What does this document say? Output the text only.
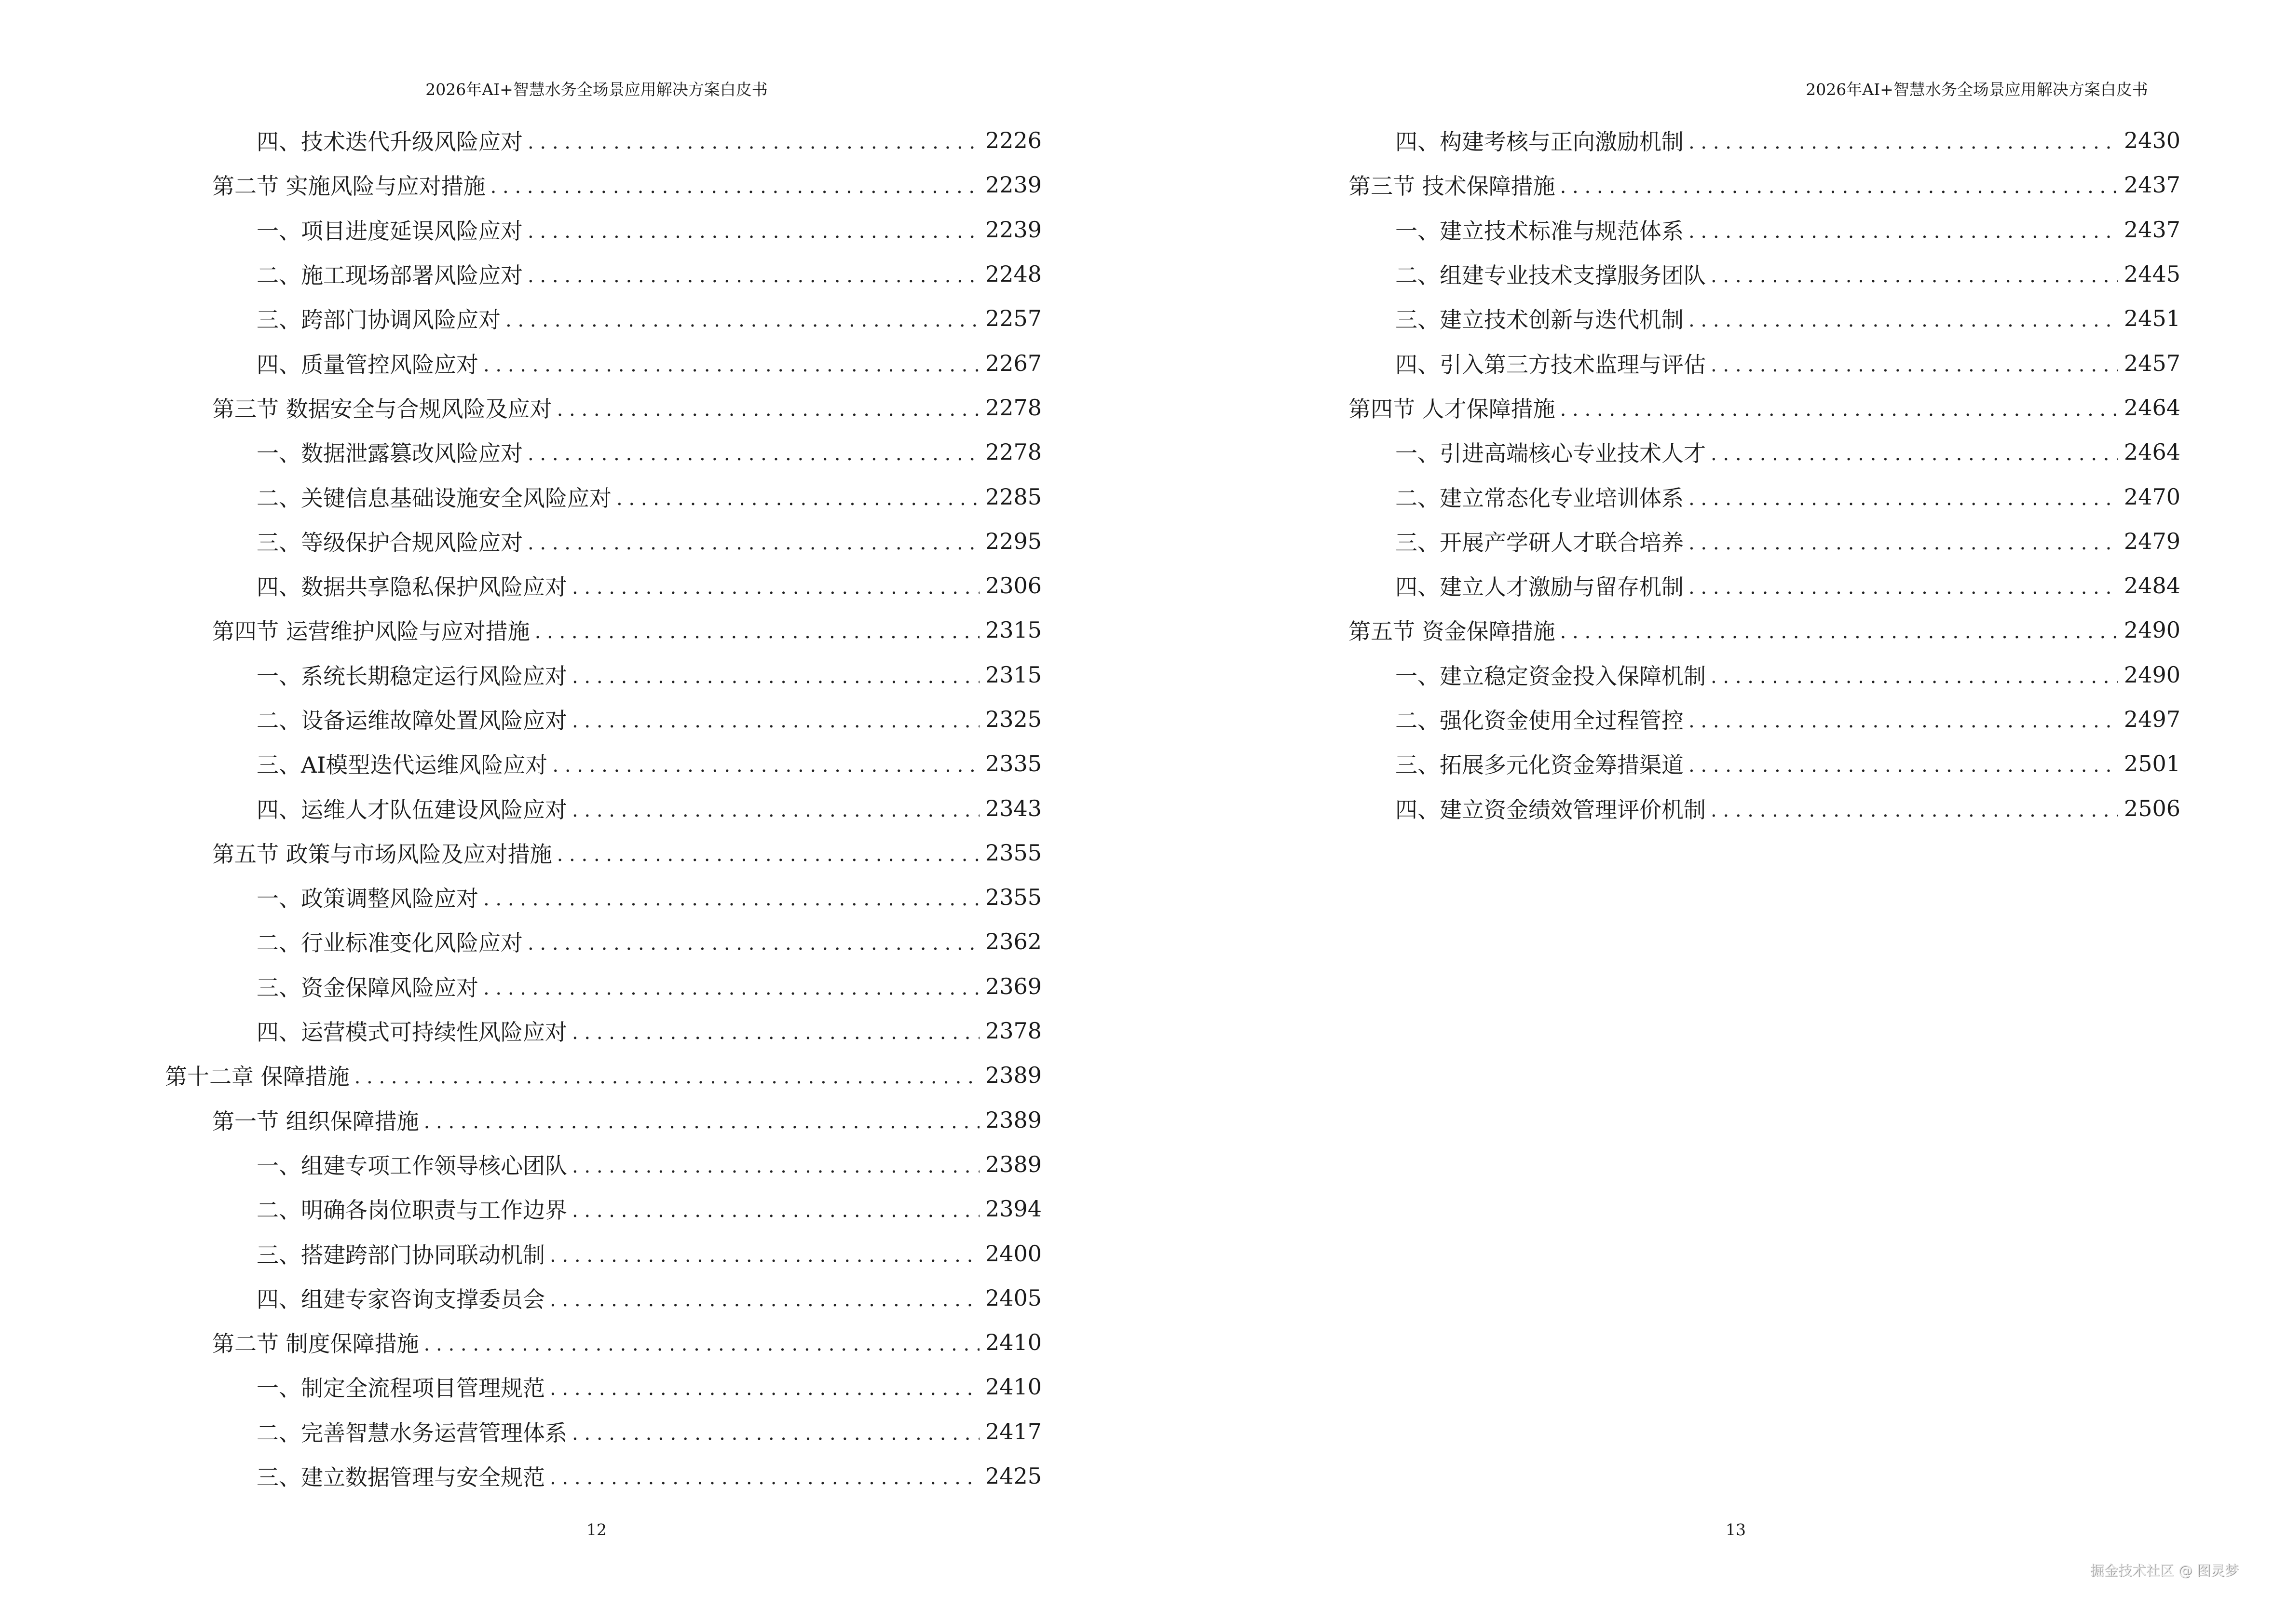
2026年AI+智慧水务全场景应用解决方案白皮书
四、技术迭代升级风险应对 . . .	2226
第二节 实施风险与应对措施 . . .	2239
一、项目进度延误风险应对 . . .	2239
二、施工现场部署风险应对 . . .	2248
三、跨部门协调风险应对 . . .	2257
四、质量管控风险应对 . . .	2267
第三节 数据安全与合规风险及应对 . . .	2278
一、数据泄露篡改风险应对 . . .	2278
二、关键信息基础设施安全风险应对 . . .	2285
三、等级保护合规风险应对 . . .	2295
四、数据共享隐私保护风险应对 . . .	2306
第四节 运营维护风险与应对措施 . . .	2315
一、系统长期稳定运行风险应对 . . .	2315
二、设备运维故障处置风险应对 . . .	2325
三、AI模型迭代运维风险应对 . . .	2335
四、运维人才队伍建设风险应对 . . .	2343
第五节 政策与市场风险及应对措施 . . .	2355
一、政策调整风险应对 . . .	2355
二、行业标准变化风险应对 . . .	2362
三、资金保障风险应对 . . .	2369
四、运营模式可持续性风险应对 . . .	2378
第十二章 保障措施 . . .	2389
第一节 组织保障措施 . . .	2389
一、组建专项工作领导核心团队 . . .	2389
二、明确各岗位职责与工作边界 . . .	2394
三、搭建跨部门协同联动机制 . . .	2400
四、组建专家咨询支撑委员会 . . .	2405
第二节 制度保障措施 . . .	2410
一、制定全流程项目管理规范 . . .	2410
二、完善智慧水务运营管理体系 . . .	2417
三、建立数据管理与安全规范 . . .	2425
12
2026年AI+智慧水务全场景应用解决方案白皮书
四、构建考核与正向激励机制 . . .	2430
第三节 技术保障措施 . . .	2437
一、建立技术标准与规范体系 . . .	2437
二、组建专业技术支撑服务团队 . . .	2445
三、建立技术创新与迭代机制 . . .	2451
四、引入第三方技术监理与评估 . . .	2457
第四节 人才保障措施 . . .	2464
一、引进高端核心专业技术人才 . . .	2464
二、建立常态化专业培训体系 . . .	2470
三、开展产学研人才联合培养 . . .	2479
四、建立人才激励与留存机制 . . .	2484
第五节 资金保障措施 . . .	2490
一、建立稳定资金投入保障机制 . . .	2490
二、强化资金使用全过程管控 . . .	2497
三、拓展多元化资金筹措渠道 . . .	2501
四、建立资金绩效管理评价机制 . . .	2506
13
掘金技术社区 @ 图灵梦
